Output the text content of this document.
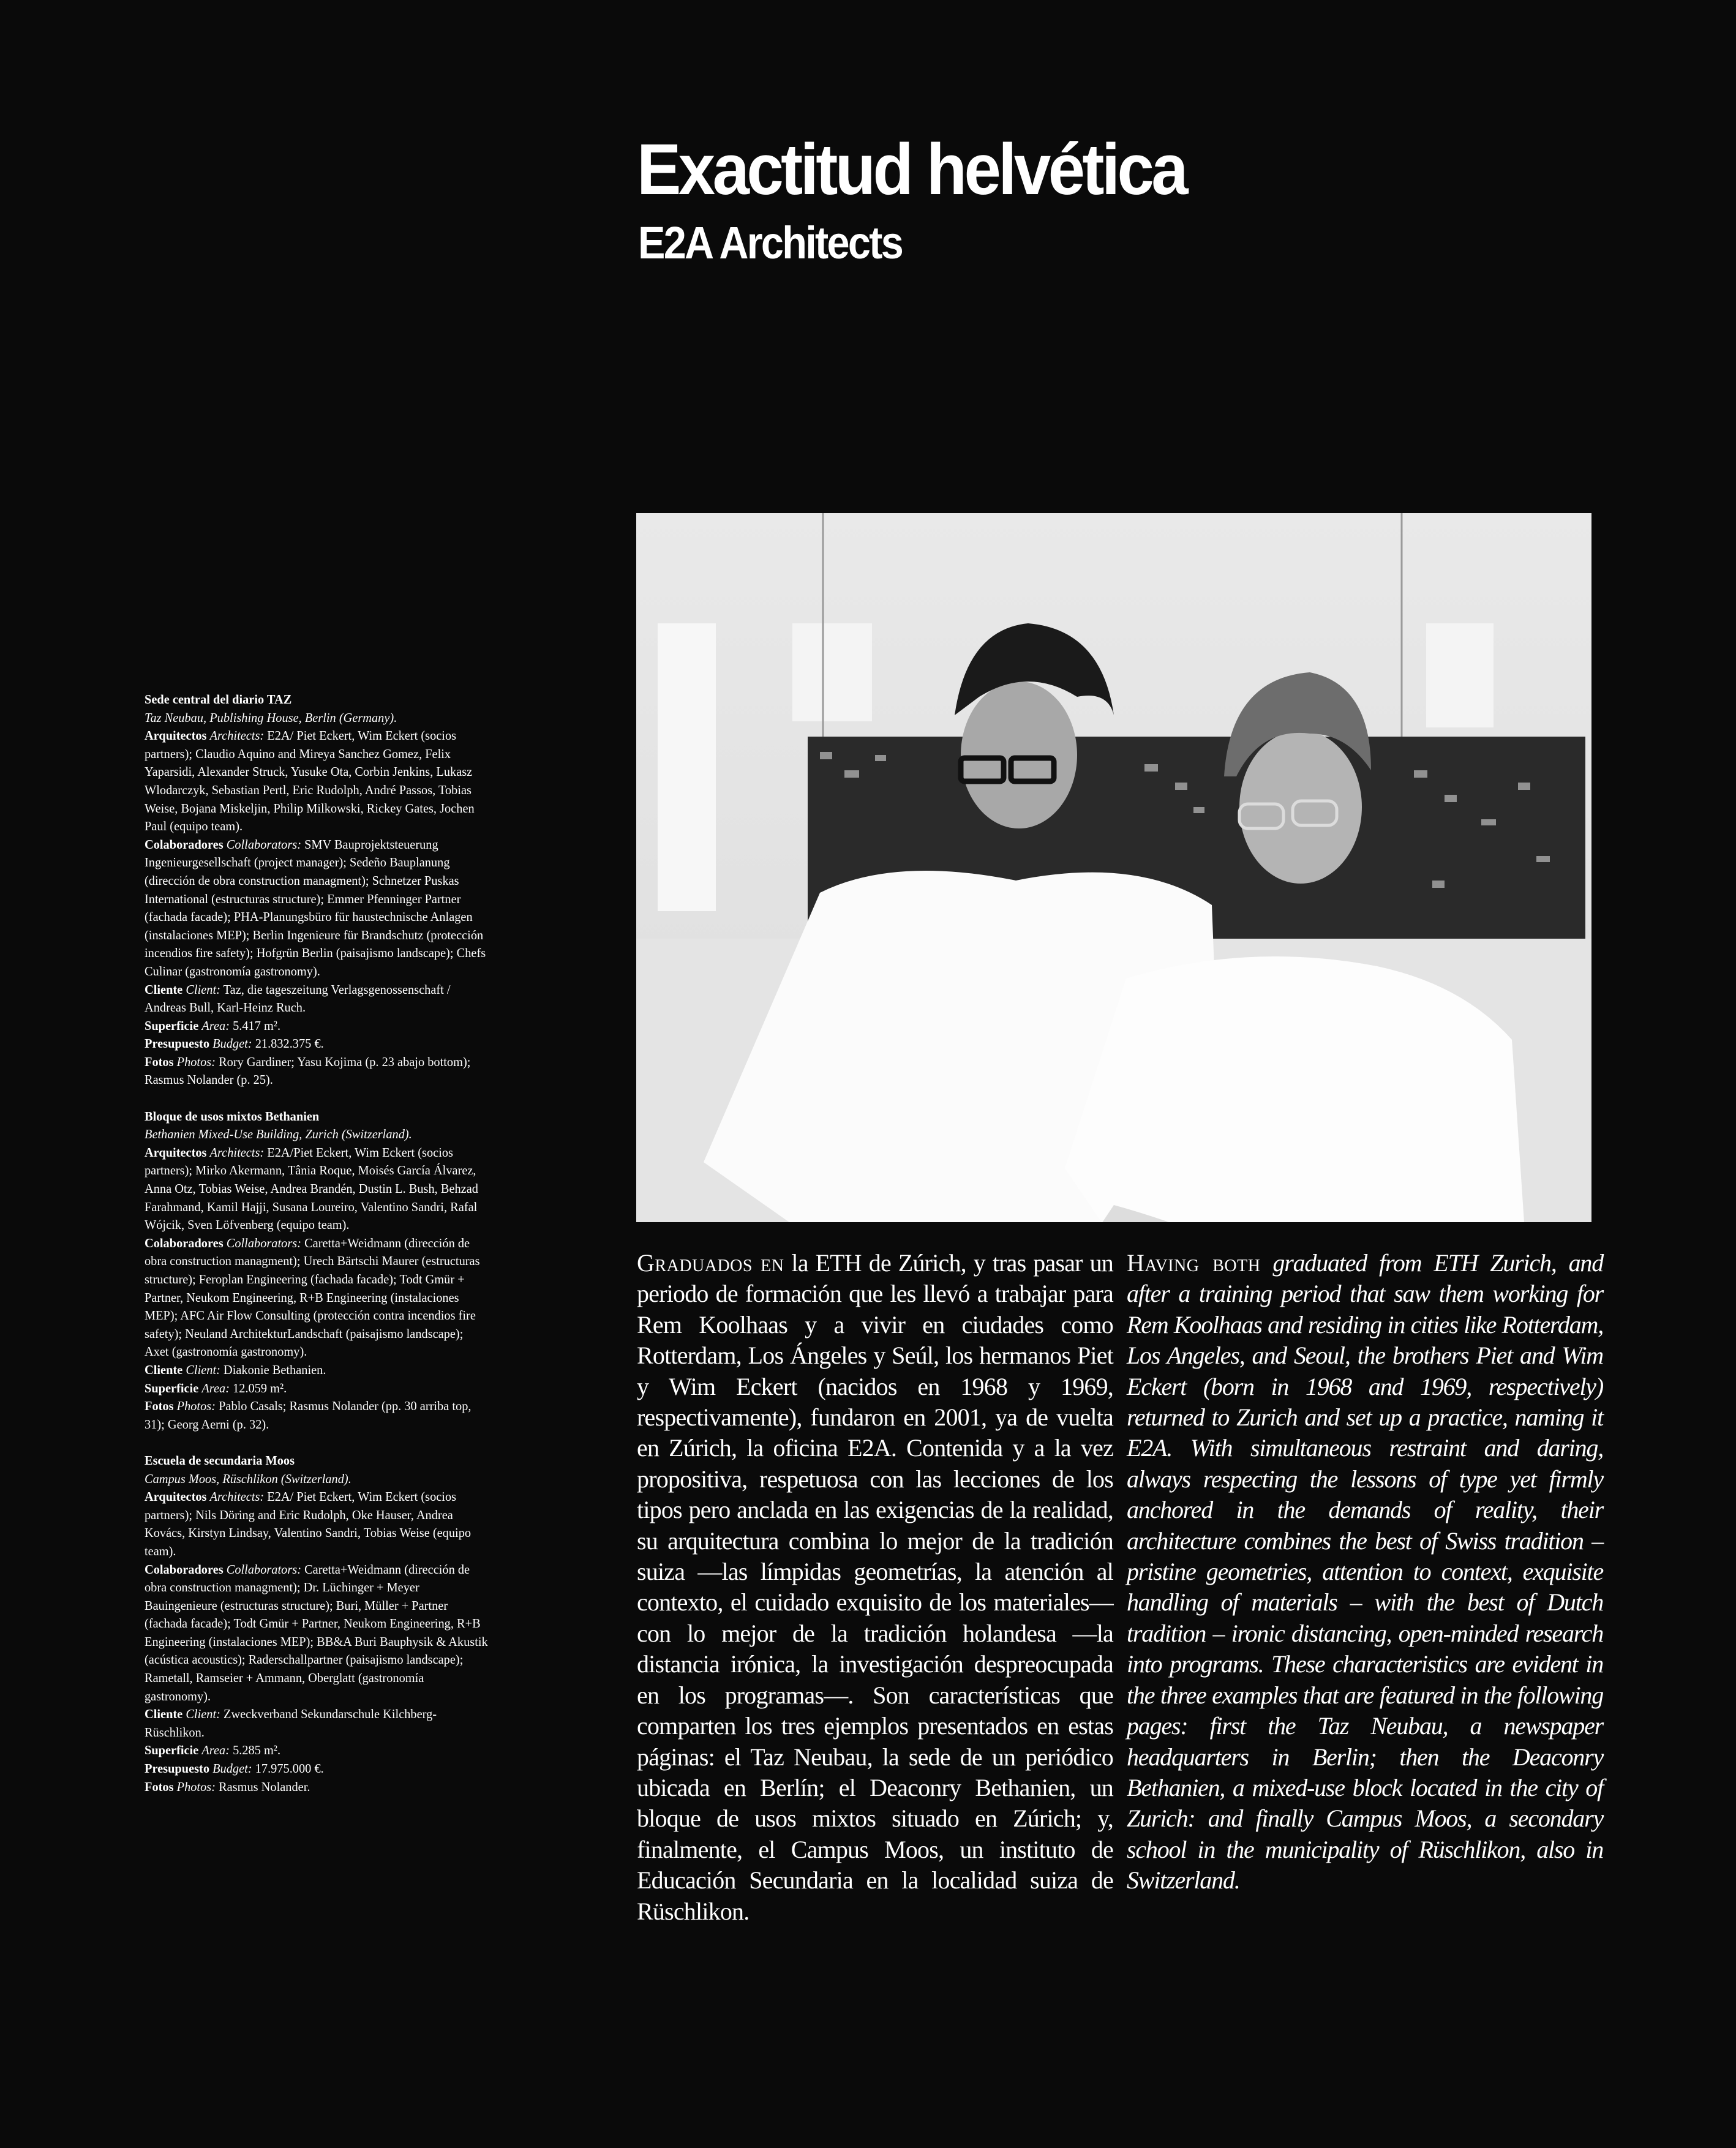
Exactitud helvética
E2A Architects
Sede central del diario TAZ
Taz Neubau, Publishing House, Berlin (Germany).
Arquitectos Architects: E2A/ Piet Eckert, Wim Eckert (socios partners); Claudio Aquino and Mireya Sanchez Gomez, Felix Yaparsidi, Alexander Struck, Yusuke Ota, Corbin Jenkins, Lukasz Wlodarczyk, Sebastian Pertl, Eric Rudolph, André Passos, Tobias Weise, Bojana Miskeljin, Philip Milkowski, Rickey Gates, Jochen Paul (equipo team).
Colaboradores Collaborators: SMV Bauprojektsteuerung Ingenieurgesellschaft (project manager); Sedeño Bauplanung (dirección de obra construction managment); Schnetzer Puskas International (estructuras structure); Emmer Pfenninger Partner (fachada facade); PHA-Planungsbüro für haustechnische Anlagen (instalaciones MEP); Berlin Ingenieure für Brandschutz (protección incendios fire safety); Hofgrün Berlin (paisajismo landscape); Chefs Culinar (gastronomía gastronomy).
Cliente Client: Taz, die tageszeitung Verlagsgenossenschaft / Andreas Bull, Karl-Heinz Ruch.
Superficie Area: 5.417 m².
Presupuesto Budget: 21.832.375 €.
Fotos Photos: Rory Gardiner; Yasu Kojima (p. 23 abajo bottom); Rasmus Nolander (p. 25).
Bloque de usos mixtos Bethanien
Bethanien Mixed-Use Building, Zurich (Switzerland).
Arquitectos Architects: E2A/Piet Eckert, Wim Eckert (socios partners); Mirko Akermann, Tânia Roque, Moisés García Álvarez, Anna Otz, Tobias Weise, Andrea Brandén, Dustin L. Bush, Behzad Farahmand, Kamil Hajji, Susana Loureiro, Valentino Sandri, Rafal Wójcik, Sven Löfvenberg (equipo team).
Colaboradores Collaborators: Caretta+Weidmann (dirección de obra construction managment); Urech Bärtschi Maurer (estructuras structure); Feroplan Engineering (fachada facade); Todt Gmür + Partner, Neukom Engineering, R+B Engineering (instalaciones MEP); AFC Air Flow Consulting (protección contra incendios fire safety); Neuland ArchitekturLandschaft (paisajismo landscape); Axet (gastronomía gastronomy).
Cliente Client: Diakonie Bethanien.
Superficie Area: 12.059 m².
Fotos Photos: Pablo Casals; Rasmus Nolander (pp. 30 arriba top, 31); Georg Aerni (p. 32).
Escuela de secundaria Moos
Campus Moos, Rüschlikon (Switzerland).
Arquitectos Architects: E2A/ Piet Eckert, Wim Eckert (socios partners); Nils Döring and Eric Rudolph, Oke Hauser, Andrea Kovács, Kirstyn Lindsay, Valentino Sandri, Tobias Weise (equipo team).
Colaboradores Collaborators: Caretta+Weidmann (dirección de obra construction managment); Dr. Lüchinger + Meyer Bauingenieure (estructuras structure); Buri, Müller + Partner (fachada facade); Todt Gmür + Partner, Neukom Engineering, R+B Engineering (instalaciones MEP); BB&A Buri Bauphysik & Akustik (acústica acoustics); Raderschallpartner (paisajismo landscape); Rametall, Ramseier + Ammann, Oberglatt (gastronomía gastronomy).
Cliente Client: Zweckverband Sekundarschule Kilchberg-Rüschlikon.
Superficie Area: 5.285 m².
Presupuesto Budget: 17.975.000 €.
Fotos Photos: Rasmus Nolander.
Graduados en la ETH de Zúrich, y tras pasar un periodo de formación que les llevó a trabajar para Rem Koolhaas y a vivir en ciudades como Rotterdam, Los Ángeles y Seúl, los hermanos Piet y Wim Eckert (nacidos en 1968 y 1969, respectivamente), fundaron en 2001, ya de vuelta en Zúrich, la oficina E2A. Contenida y a la vez propositiva, respetuosa con las lecciones de los tipos pero anclada en las exigencias de la realidad, su arquitectura combina lo mejor de la tradición suiza —las límpidas geometrías, la atención al contexto, el cuidado exquisito de los materiales— con lo mejor de la tradición holandesa —la distancia irónica, la investigación despreocupada en los programas—. Son características que comparten los tres ejemplos presentados en estas páginas: el Taz Neubau, la sede de un periódico ubicada en Berlín; el Deaconry Bethanien, un bloque de usos mixtos situado en Zúrich; y, finalmente, el Campus Moos, un instituto de Educación Secundaria en la localidad suiza de Rüschlikon.
Having both graduated from ETH Zurich, and after a training period that saw them working for Rem Koolhaas and residing in cities like Rotterdam, Los Angeles, and Seoul, the brothers Piet and Wim Eckert (born in 1968 and 1969, respectively) returned to Zurich and set up a practice, naming it E2A. With simultaneous restraint and daring, always respecting the lessons of type yet firmly anchored in the demands of reality, their architecture combines the best of Swiss tradition – pristine geometries, attention to context, exquisite handling of materials – with the best of Dutch tradition – ironic distancing, open-minded research into programs. These characteristics are evident in the three examples that are featured in the following pages: first the Taz Neubau, a newspaper headquarters in Berlin; then the Deaconry Bethanien, a mixed-use block located in the city of Zurich: and finally Campus Moos, a secondary school in the municipality of Rüschlikon, also in Switzerland.
